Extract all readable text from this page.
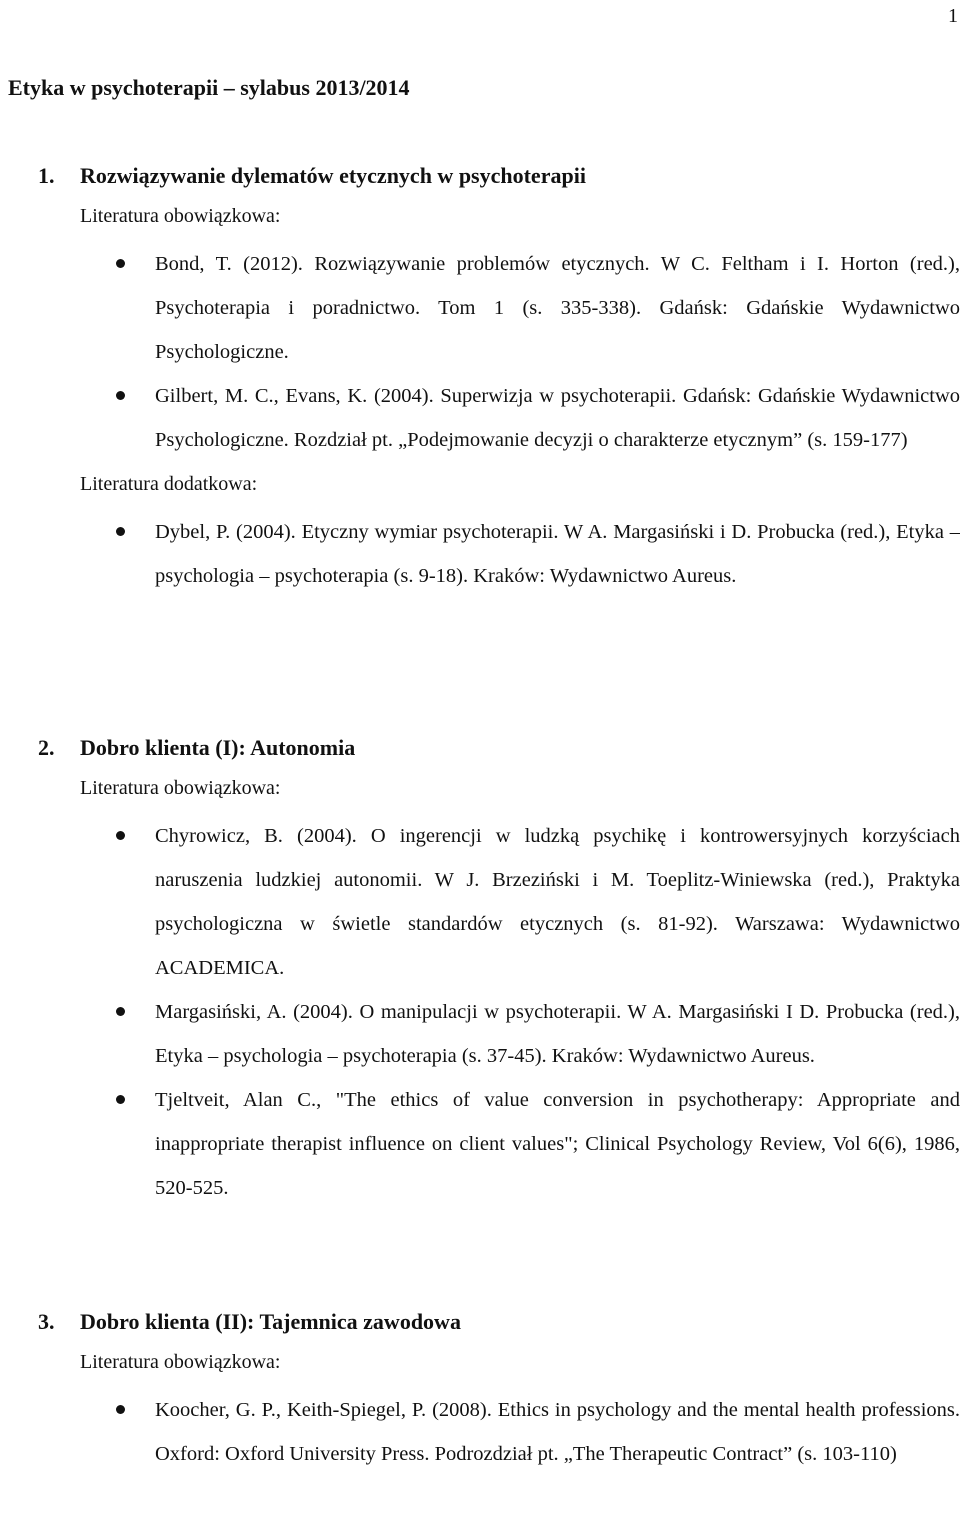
1
Etyka w psychoterapii – sylabus 2013/2014
1. Rozwiązywanie dylematów etycznych w psychoterapii
Literatura obowiązkowa:
Bond, T. (2012). Rozwiązywanie problemów etycznych. W C. Feltham i I. Horton (red.), Psychoterapia i poradnictwo. Tom 1 (s. 335-338). Gdańsk: Gdańskie Wydawnictwo Psychologiczne.
Gilbert, M. C., Evans, K. (2004). Superwizja w psychoterapii. Gdańsk: Gdańskie Wydawnictwo Psychologiczne. Rozdział pt. „Podejmowanie decyzji o charakterze etycznym” (s. 159-177)
Literatura dodatkowa:
Dybel, P. (2004). Etyczny wymiar psychoterapii. W A. Margasiński i D. Probucka (red.), Etyka – psychologia – psychoterapia (s. 9-18). Kraków: Wydawnictwo Aureus.
2. Dobro klienta (I): Autonomia
Literatura obowiązkowa:
Chyrowicz, B. (2004). O ingerencji w ludzką psychikę i kontrowersyjnych korzyściach naruszenia ludzkiej autonomii. W J. Brzeziński i M. Toeplitz-Winiewska (red.), Praktyka psychologiczna w świetle standardów etycznych (s. 81-92). Warszawa: Wydawnictwo ACADEMICA.
Margasiński, A. (2004). O manipulacji w psychoterapii. W A. Margasiński I D. Probucka (red.), Etyka – psychologia – psychoterapia (s. 37-45). Kraków: Wydawnictwo Aureus.
Tjeltveit, Alan C., "The ethics of value conversion in psychotherapy: Appropriate and inappropriate therapist influence on client values"; Clinical Psychology Review, Vol 6(6), 1986, 520-525.
3. Dobro klienta (II): Tajemnica zawodowa
Literatura obowiązkowa:
Koocher, G. P., Keith-Spiegel, P. (2008). Ethics in psychology and the mental health professions. Oxford: Oxford University Press. Podrozdział pt. „The Therapeutic Contract” (s. 103-110)
